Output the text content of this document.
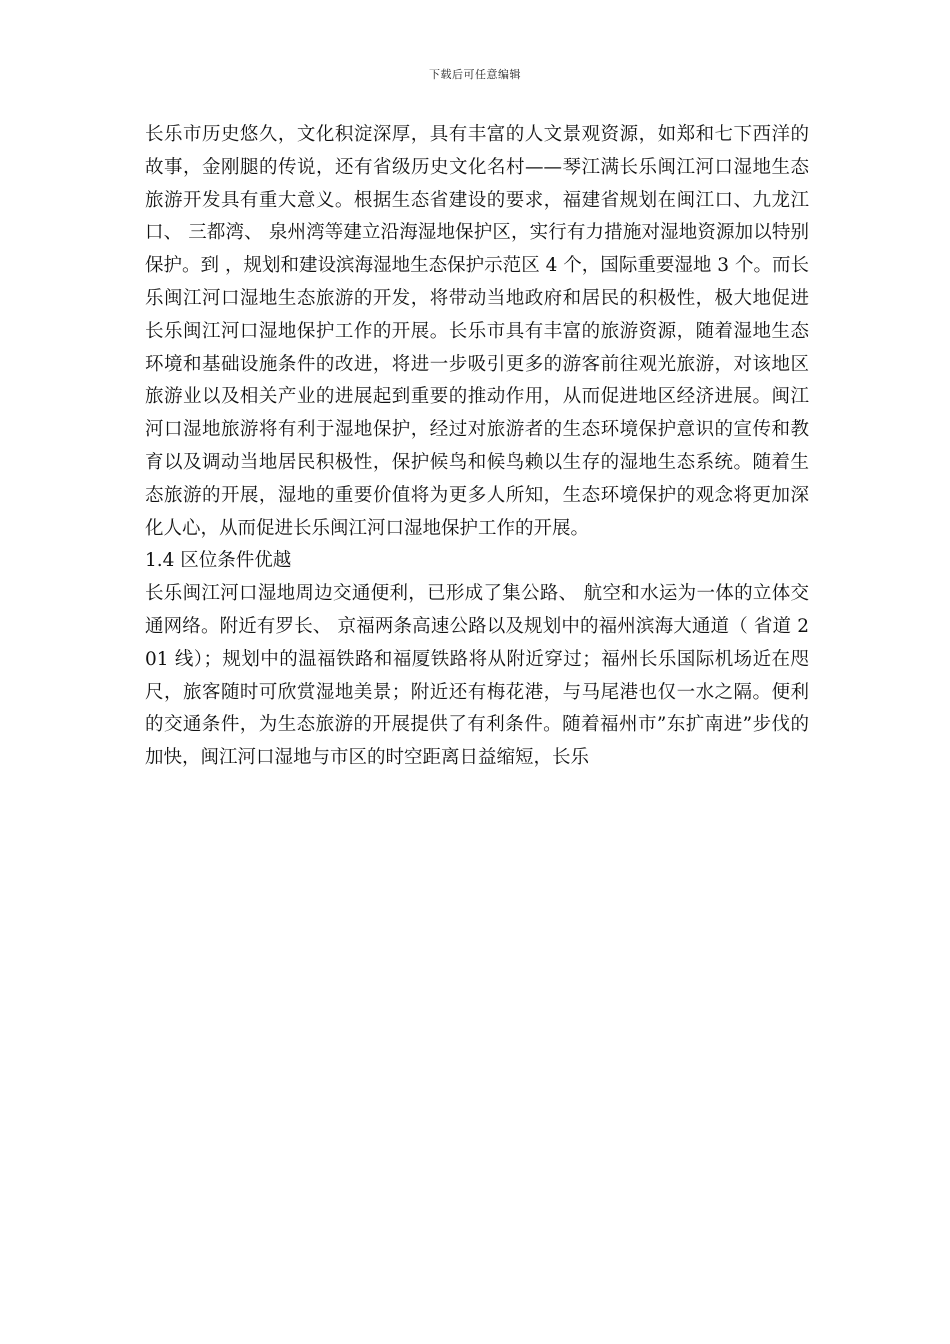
下载后可任意编辑

长乐市历史悠久，文化积淀深厚，具有丰富的人文景观资源，如郑和七下西洋的故事，金刚腿的传说，还有省级历史文化名村——琴江满长乐闽江河口湿地生态旅游开发具有重大意义。根据生态省建设的要求，福建省规划在闽江口、九龙江口、 三都湾、 泉州湾等建立沿海湿地保护区，实行有力措施对湿地资源加以特别保护。到 ，规划和建设滨海湿地生态保护示范区 4 个，国际重要湿地 3 个。而长乐闽江河口湿地生态旅游的开发，将带动当地政府和居民的积极性，极大地促进长乐闽江河口湿地保护工作的开展。长乐市具有丰富的旅游资源，随着湿地生态环境和基础设施条件的改进，将进一步吸引更多的游客前往观光旅游，对该地区旅游业以及相关产业的进展起到重要的推动作用，从而促进地区经济进展。闽江河口湿地旅游将有利于湿地保护，经过对旅游者的生态环境保护意识的宣传和教育以及调动当地居民积极性，保护候鸟和候鸟赖以生存的湿地生态系统。随着生态旅游的开展，湿地的重要价值将为更多人所知，生态环境保护的观念将更加深化人心，从而促进长乐闽江河口湿地保护工作的开展。

1.4 区位条件优越

长乐闽江河口湿地周边交通便利，已形成了集公路、 航空和水运为一体的立体交通网络。附近有罗长、 京福两条高速公路以及规划中的福州滨海大通道（ 省道 201 线）；规划中的温福铁路和福厦铁路将从附近穿过；福州长乐国际机场近在咫尺，旅客随时可欣赏湿地美景；附近还有梅花港，与马尾港也仅一水之隔。便利的交通条件，为生态旅游的开展提供了有利条件。随着福州市”东扩南进”步伐的加快，闽江河口湿地与市区的时空距离日益缩短，长乐
